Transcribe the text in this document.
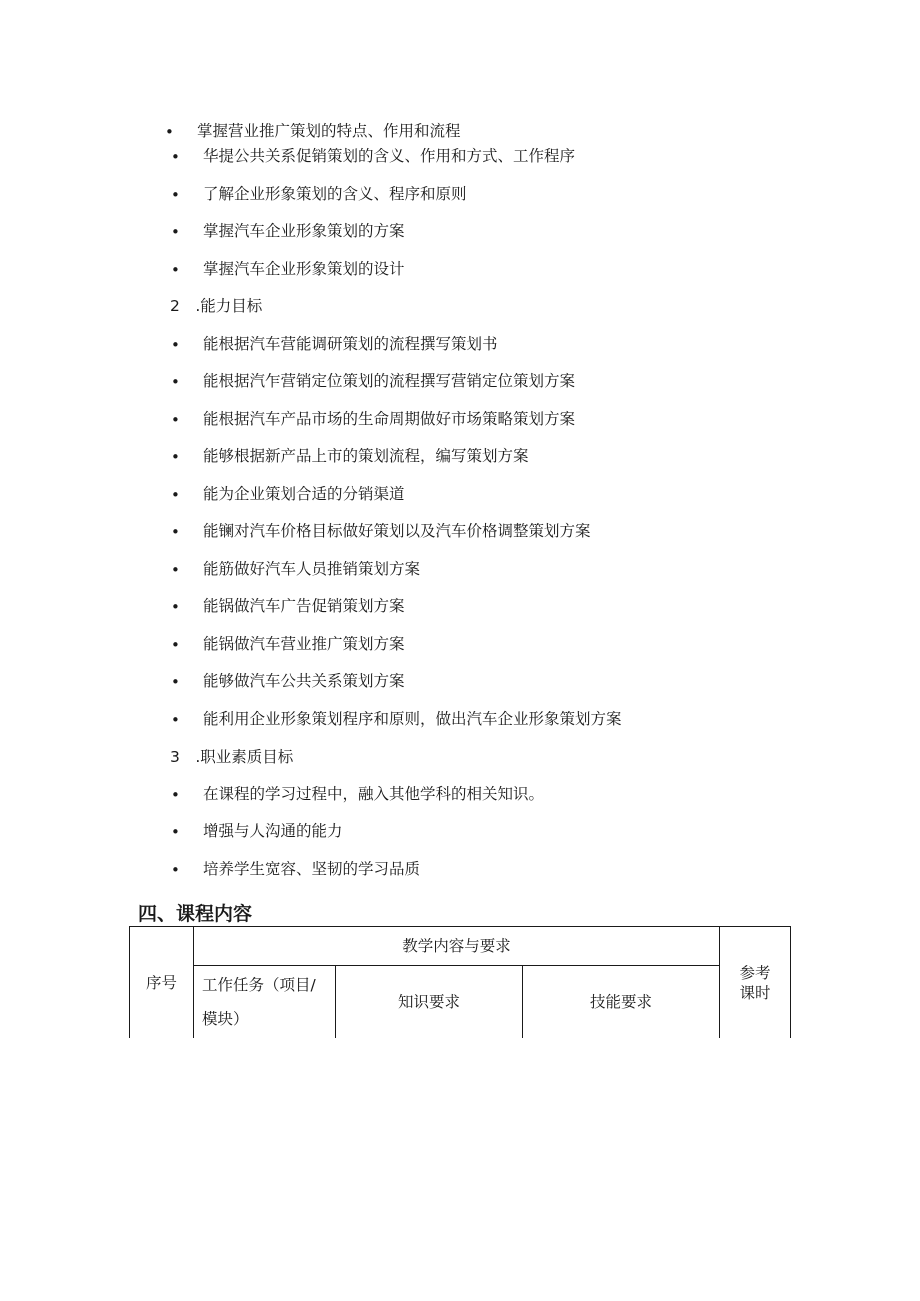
• 掌握营业推广策划的特点、作用和流程
• 华提公共关系促销策划的含义、作用和方式、工作程序
• 了解企业形象策划的含义、程序和原则
• 掌握汽车企业形象策划的方案
• 掌握汽车企业形象策划的设计
2　.能力目标
• 能根据汽车营能调研策划的流程撰写策划书
• 能根据汽乍营销定位策划的流程撰写营销定位策划方案
• 能根据汽车产品市场的生命周期做好市场策略策划方案
• 能够根据新产品上市的策划流程，编写策划方案
• 能为企业策划合适的分销渠道
• 能镧对汽车价格目标做好策划以及汽车价格调整策划方案
• 能筋做好汽车人员推销策划方案
• 能锅做汽车广告促销策划方案
• 能锅做汽车营业推广策划方案
• 能够做汽车公共关系策划方案
• 能利用企业形象策划程序和原则，做出汽车企业形象策划方案
3　.职业素质目标
• 在课程的学习过程中，融入其他学科的相关知识。
• 增强与人沟通的能力
• 培养学生宽容、坚韧的学习品质
四、课程内容
序号	教学内容与要求			参考
课时

	工作任务（项目/
模块）	知识要求	技能要求	
